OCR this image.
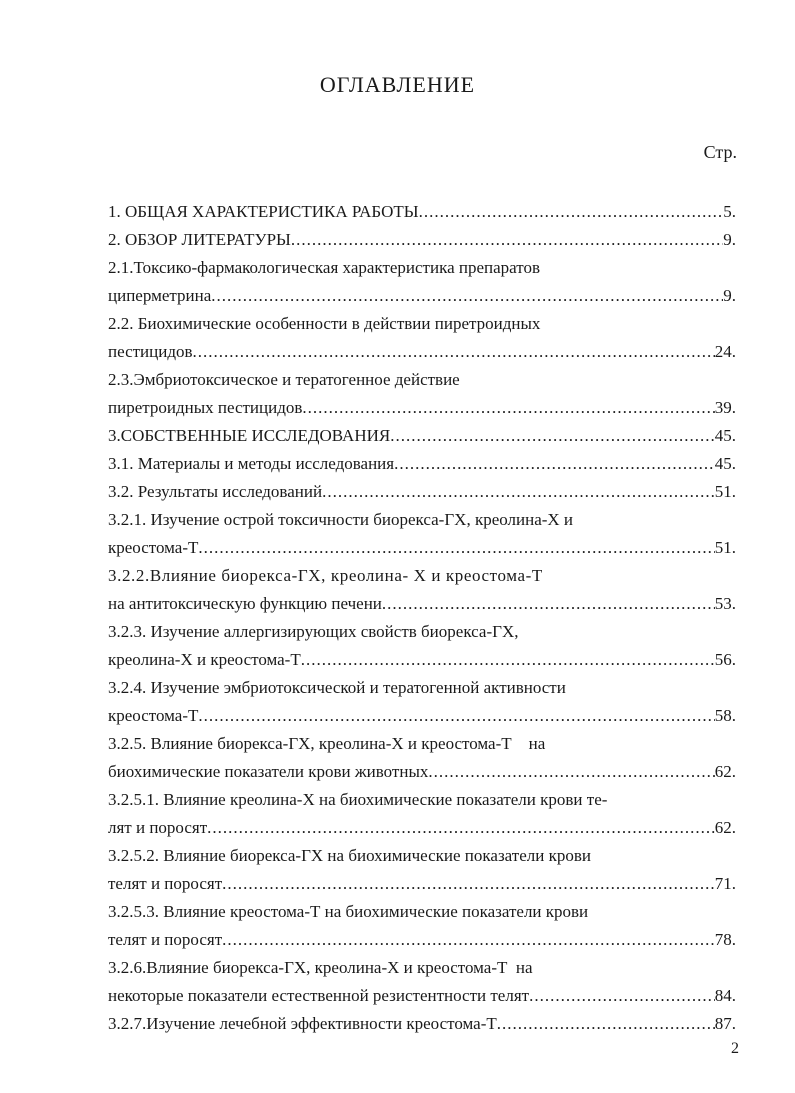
ОГЛАВЛЕНИЕ
Стр.
1. ОБЩАЯ ХАРАКТЕРИСТИКА РАБОТЫ .....	5.
2. ОБЗОР ЛИТЕРАТУРЫ .....	9.
2.1.Токсико-фармакологическая характеристика препаратов
циперметрина .....	9.
2.2. Биохимические особенности в действии пиретроидных
пестицидов .....	24.
2.3.Эмбриотоксическое и тератогенное действие
пиретроидных пестицидов .....	39.
3.СОБСТВЕННЫЕ ИССЛЕДОВАНИЯ .....	45.
3.1. Материалы и методы исследования .....	45.
3.2. Результаты исследований .....	51.
3.2.1. Изучение острой токсичности биорекса-ГХ, креолина-Х и
креостома-Т .....	51.
3.2.2.Влияние биорекса-ГХ, креолина- Х и креостома-Т
на антитоксическую функцию печени .....	53.
3.2.3. Изучение аллергизирующих свойств биорекса-ГХ,
креолина-Х и креостома-Т .....	56.
3.2.4. Изучение эмбриотоксической и тератогенной активности
креостома-Т .....	58.
3.2.5. Влияние биорекса-ГХ, креолина-Х и креостома-Т    на
биохимические показатели крови животных .....	62.
3.2.5.1. Влияние креолина-Х на биохимические показатели крови те-
лят и поросят .....	62.
3.2.5.2. Влияние биорекса-ГХ на биохимические показатели крови
телят и поросят .....	71.
3.2.5.3. Влияние креостома-Т на биохимические показатели крови
телят и поросят .....	78.
3.2.6.Влияние биорекса-ГХ, креолина-Х и креостома-Т  на
некоторые показатели естественной резистентности телят .....	84.
3.2.7.Изучение лечебной эффективности креостома-Т .....	87.
2
